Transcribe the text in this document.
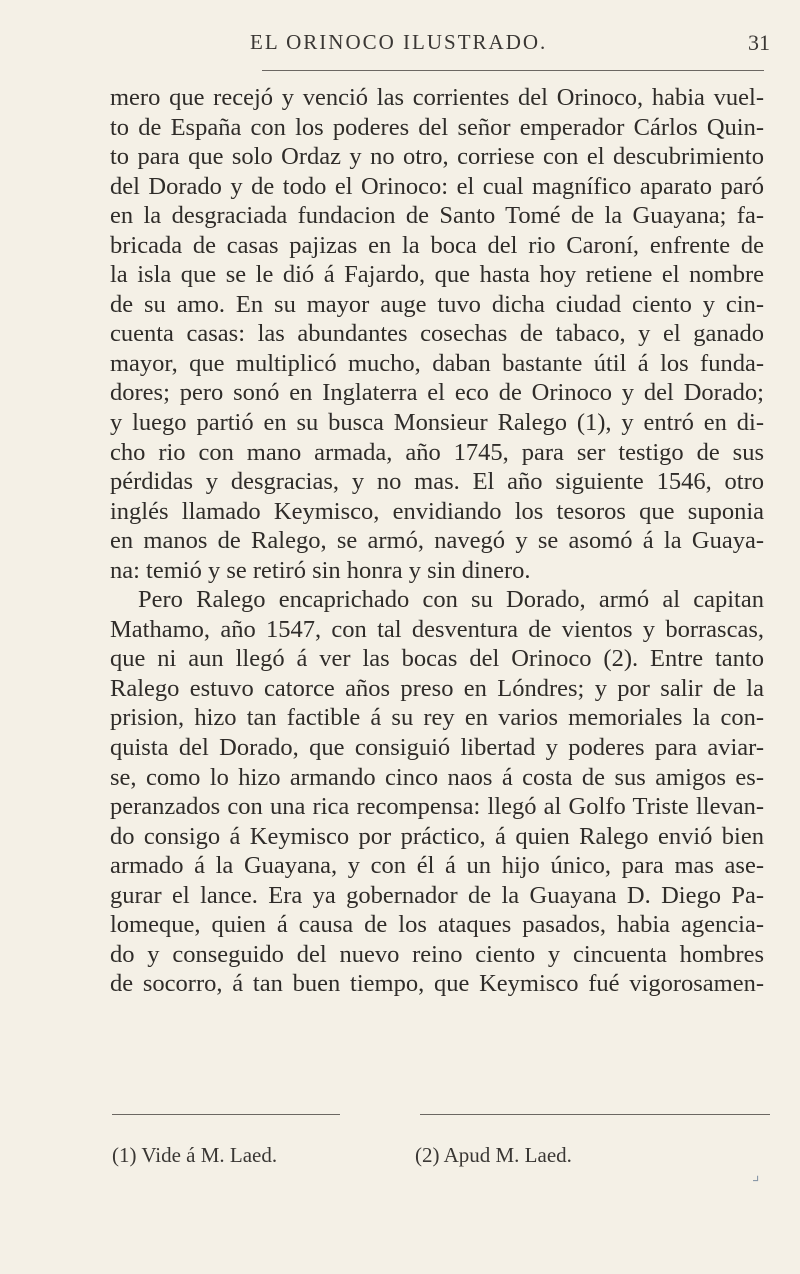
EL ORINOCO ILUSTRADO.	31
mero que recejó y venció las corrientes del Orinoco, habia vuel-
to de España con los poderes del señor emperador Cárlos Quin-
to para que solo Ordaz y no otro, corriese con el descubrimiento
del Dorado y de todo el Orinoco: el cual magnífico aparato paró
en la desgraciada fundacion de Santo Tomé de la Guayana; fa-
bricada de casas pajizas en la boca del rio Caroní, enfrente de
la isla que se le dió á Fajardo, que hasta hoy retiene el nombre
de su amo. En su mayor auge tuvo dicha ciudad ciento y cin-
cuenta casas: las abundantes cosechas de tabaco, y el ganado
mayor, que multiplicó mucho, daban bastante útil á los funda-
dores; pero sonó en Inglaterra el eco de Orinoco y del Dorado;
y luego partió en su busca Monsieur Ralego (1), y entró en di-
cho rio con mano armada, año 1745, para ser testigo de sus
pérdidas y desgracias, y no mas. El año siguiente 1546, otro
inglés llamado Keymisco, envidiando los tesoros que suponia
en manos de Ralego, se armó, navegó y se asomó á la Guaya-
na: temió y se retiró sin honra y sin dinero.
Pero Ralego encaprichado con su Dorado, armó al capitan
Mathamo, año 1547, con tal desventura de vientos y borrascas,
que ni aun llegó á ver las bocas del Orinoco (2). Entre tanto
Ralego estuvo catorce años preso en Lóndres; y por salir de la
prision, hizo tan factible á su rey en varios memoriales la con-
quista del Dorado, que consiguió libertad y poderes para aviar-
se, como lo hizo armando cinco naos á costa de sus amigos es-
peranzados con una rica recompensa: llegó al Golfo Triste llevan-
do consigo á Keymisco por práctico, á quien Ralego envió bien
armado á la Guayana, y con él á un hijo único, para mas ase-
gurar el lance. Era ya gobernador de la Guayana D. Diego Pa-
lomeque, quien á causa de los ataques pasados, habia agencia-
do y conseguido del nuevo reino ciento y cincuenta hombres
de socorro, á tan buen tiempo, que Keymisco fué vigorosamen-
(1) Vide á M. Laed.	(2) Apud M. Laed.
⌟
